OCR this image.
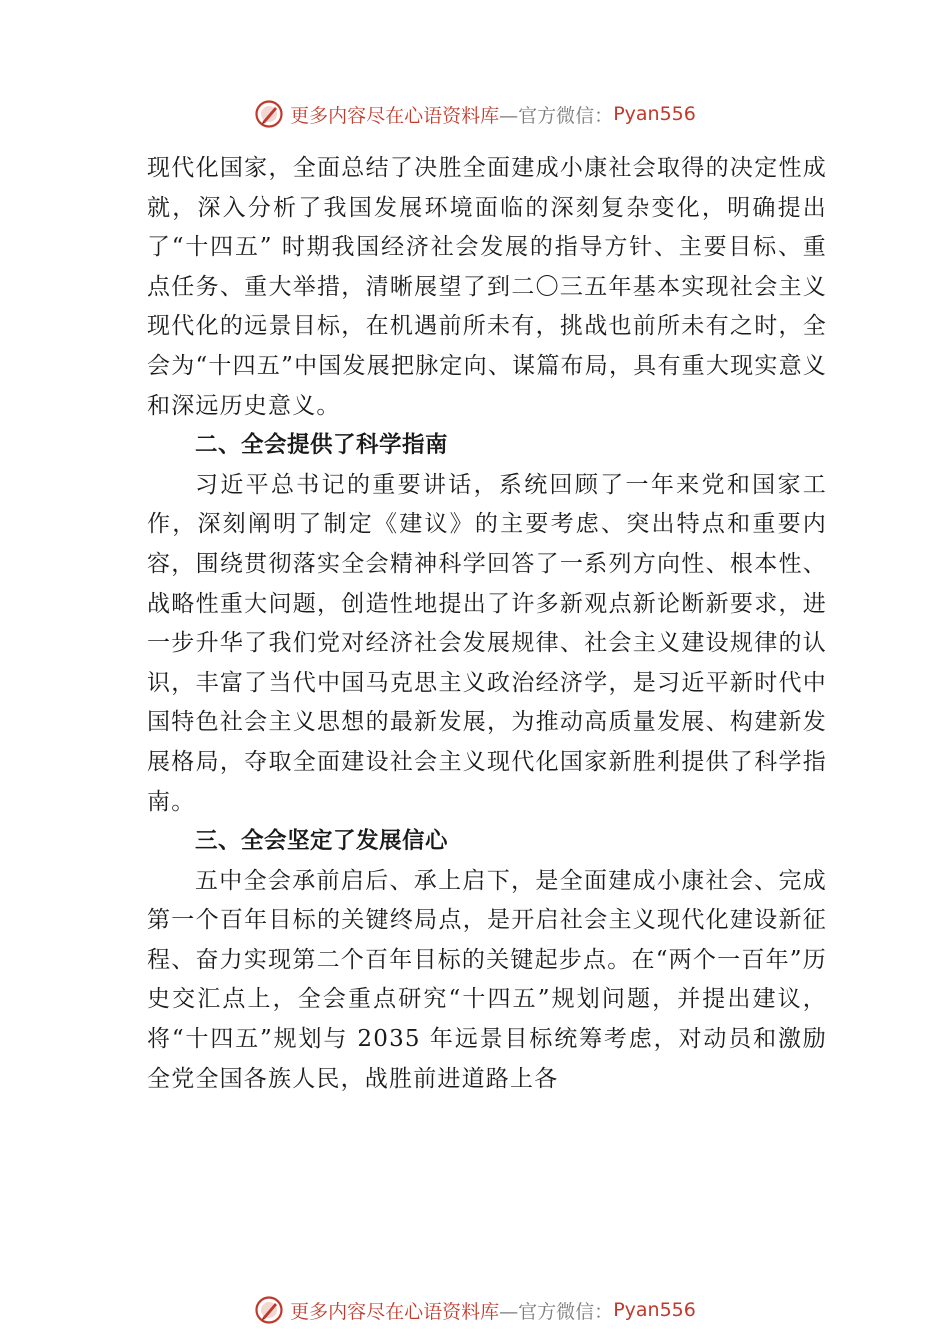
更多内容尽在心语资料库 —官方微信： Pyan556

现代化国家，全面总结了决胜全面建成小康社会取得的决定性成就，深入分析了我国发展环境面临的深刻复杂变化，明确提出了“十四五” 时期我国经济社会发展的指导方针、主要目标、重点任务、重大举措，清晰展望了到二〇三五年基本实现社会主义现代化的远景目标，在机遇前所未有，挑战也前所未有之时，全会为“十四五”中国发展把脉定向、谋篇布局，具有重大现实意义和深远历史意义。

二、全会提供了科学指南

习近平总书记的重要讲话，系统回顾了一年来党和国家工作，深刻阐明了制定《建议》的主要考虑、突出特点和重要内容，围绕贯彻落实全会精神科学回答了一系列方向性、根本性、战略性重大问题，创造性地提出了许多新观点新论断新要求，进一步升华了我们党对经济社会发展规律、社会主义建设规律的认识，丰富了当代中国马克思主义政治经济学，是习近平新时代中国特色社会主义思想的最新发展，为推动高质量发展、构建新发展格局，夺取全面建设社会主义现代化国家新胜利提供了科学指南。

三、全会坚定了发展信心

五中全会承前启后、承上启下，是全面建成小康社会、完成第一个百年目标的关键终局点，是开启社会主义现代化建设新征程、奋力实现第二个百年目标的关键起步点。在“两个一百年”历史交汇点上，全会重点研究“十四五”规划问题，并提出建议，将“十四五”规划与 2035 年远景目标统筹考虑，对动员和激励全党全国各族人民，战胜前进道路上各

更多内容尽在心语资料库 —官方微信： Pyan556
